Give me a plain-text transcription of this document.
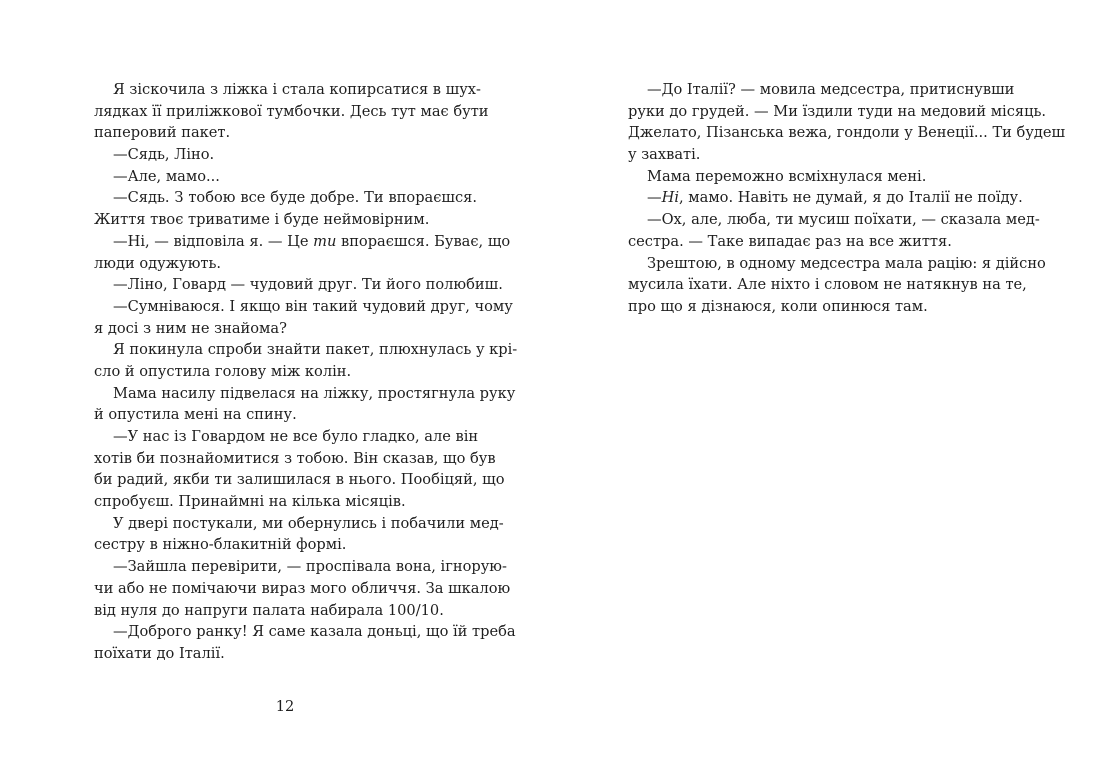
Я зіскочила з ліжка і стала копирсатися в шух-
лядках її приліжкової тумбочки. Десь тут має бути
паперовий пакет.
—Сядь, Ліно.
—Але, мамо...
—Сядь. З тобою все буде добре. Ти впораєшся.
Життя твоє триватиме і буде неймовірним.
—Ні, — відповіла я. — Це ти впораєшся. Буває, що
люди одужують.
—Ліно, Говард — чудовий друг. Ти його полюбиш.
—Сумніваюся. І якщо він такий чудовий друг, чому
я досі з ним не знайома?
Я покинула спроби знайти пакет, плюхнулась у крі-
сло й опустила голову між колін.
Мама насилу підвелася на ліжку, простягнула руку
й опустила мені на спину.
—У нас із Говардом не все було гладко, але він
хотів би познайомитися з тобою. Він сказав, що був
би радий, якби ти залишилася в нього. Пообіцяй, що
спробуєш. Принаймні на кілька місяців.
У двері постукали, ми обернулись і побачили мед-
сестру в ніжно-блакитній формі.
—Зайшла перевірити, — проспівала вона, ігнорую-
чи або не помічаючи вираз мого обличчя. За шкалою
від нуля до напруги палата набирала 100/10.
—Доброго ранку! Я саме казала доньці, що їй треба
поїхати до Італії.
12
—До Італії? — мовила медсестра, притиснувши
руки до грудей. — Ми їздили туди на медовий місяць.
Джелато, Пізанська вежа, гондоли у Венеції... Ти будеш
у захваті.
Мама переможно всміхнулася мені.
—Ні, мамо. Навіть не думай, я до Італії не поїду.
—Ох, але, люба, ти мусиш поїхати, — сказала мед-
сестра. — Таке випадає раз на все життя.
Зрештою, в одному медсестра мала рацію: я дійсно
мусила їхати. Але ніхто і словом не натякнув на те,
про що я дізнаюся, коли опинюся там.
